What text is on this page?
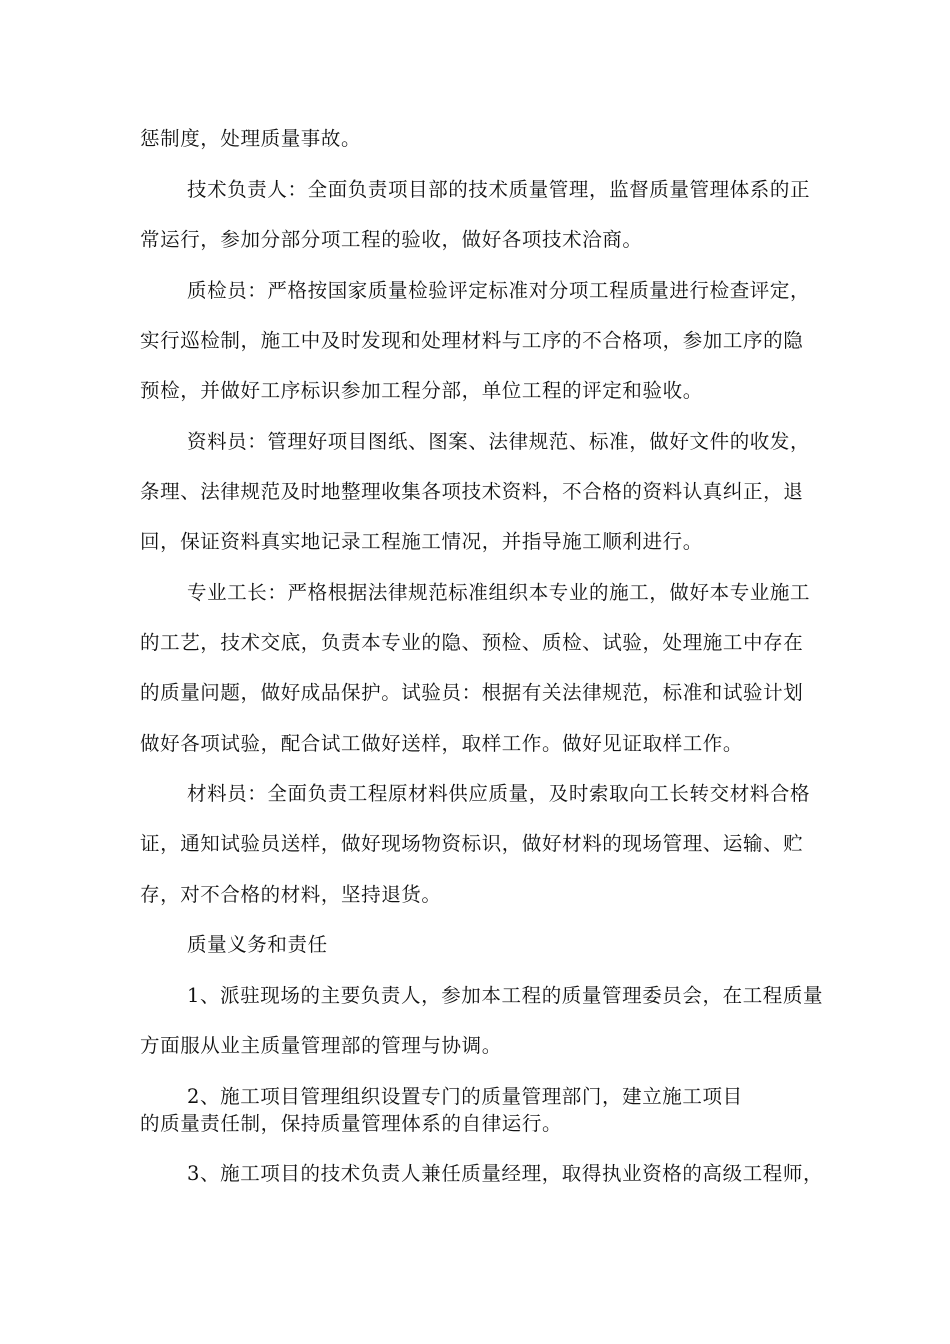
惩制度，处理质量事故。
技术负责人：全面负责项目部的技术质量管理，监督质量管理体系的正
常运行，参加分部分项工程的验收，做好各项技术洽商。
质检员：严格按国家质量检验评定标准对分项工程质量进行检查评定，
实行巡检制，施工中及时发现和处理材料与工序的不合格项，参加工序的隐
预检，并做好工序标识参加工程分部，单位工程的评定和验收。
资料员：管理好项目图纸、图案、法律规范、标准，做好文件的收发，
条理、法律规范及时地整理收集各项技术资料，不合格的资料认真纠正，退
回，保证资料真实地记录工程施工情况，并指导施工顺利进行。
专业工长：严格根据法律规范标准组织本专业的施工，做好本专业施工
的工艺，技术交底，负责本专业的隐、预检、质检、试验，处理施工中存在
的质量问题，做好成品保护。试验员：根据有关法律规范，标准和试验计划
做好各项试验，配合试工做好送样，取样工作。做好见证取样工作。
材料员：全面负责工程原材料供应质量，及时索取向工长转交材料合格
证，通知试验员送样，做好现场物资标识，做好材料的现场管理、运输、贮
存，对不合格的材料，坚持退货。
质量义务和责任
1、派驻现场的主要负责人，参加本工程的质量管理委员会，在工程质量
方面服从业主质量管理部的管理与协调。
2、施工项目管理组织设置专门的质量管理部门，建立施工项目
的质量责任制，保持质量管理体系的自律运行。
3、施工项目的技术负责人兼任质量经理，取得执业资格的高级工程师，
